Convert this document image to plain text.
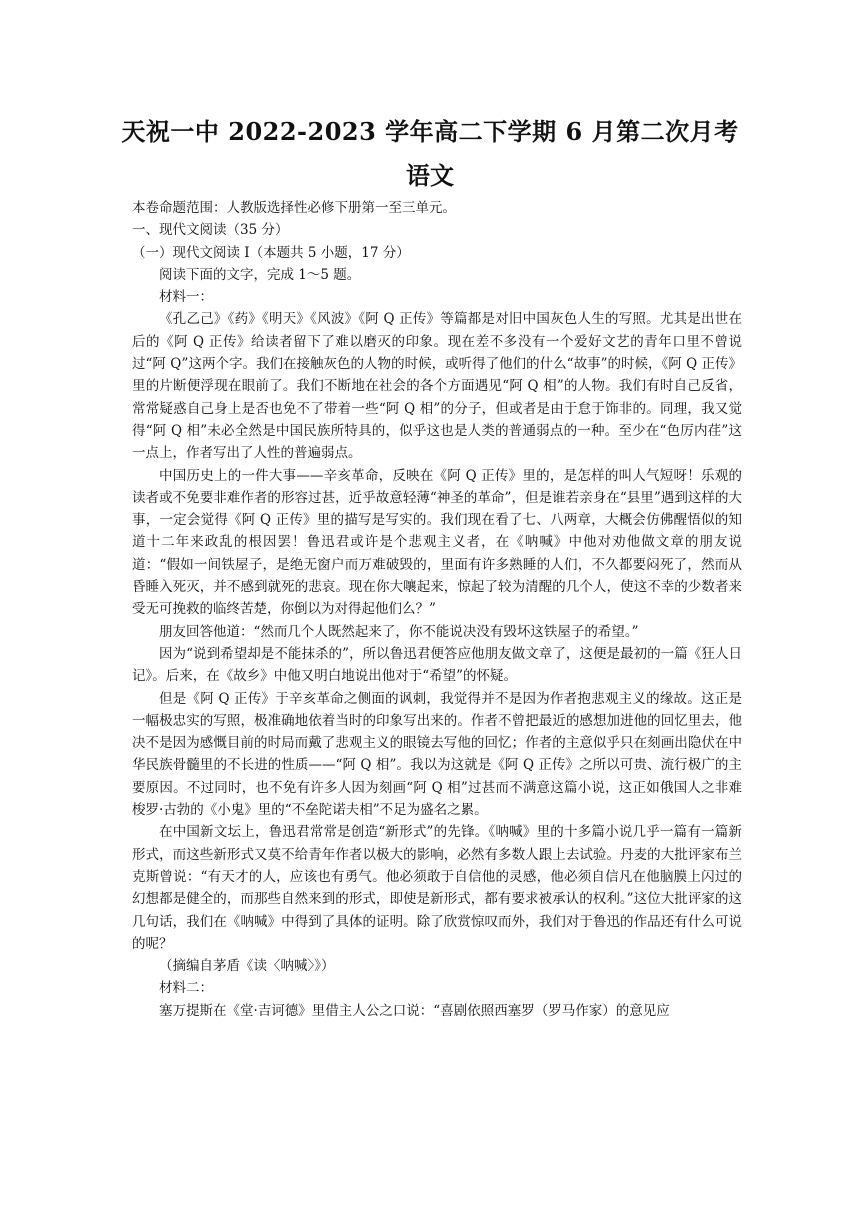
天祝一中 2022-2023 学年高二下学期 6 月第二次月考
语文

本卷命题范围：人教版选择性必修下册第一至三单元。

一、现代文阅读（35 分）

（一）现代文阅读 I（本题共 5 小题，17 分）

阅读下面的文字，完成 1～5 题。

材料一：

《孔乙己》《药》《明天》《风波》《阿 Q 正传》等篇都是对旧中国灰色人生的写照。尤其是出世在后的《阿 Q 正传》给读者留下了难以磨灭的印象。现在差不多没有一个爱好文艺的青年口里不曾说过“阿 Q”这两个字。我们在接触灰色的人物的时候，或听得了他们的什么“故事”的时候，《阿 Q 正传》里的片断便浮现在眼前了。我们不断地在社会的各个方面遇见“阿 Q 相”的人物。我们有时自己反省，常常疑惑自己身上是否也免不了带着一些“阿 Q 相”的分子，但或者是由于怠于饰非的。同理，我又觉得“阿 Q 相”未必全然是中国民族所特具的，似乎这也是人类的普通弱点的一种。至少在“色厉内荏”这一点上，作者写出了人性的普遍弱点。

中国历史上的一件大事——辛亥革命，反映在《阿 Q 正传》里的，是怎样的叫人气短呀！乐观的读者或不免要非难作者的形容过甚，近乎故意轻薄“神圣的革命”，但是谁若亲身在“县里”遇到这样的大事，一定会觉得《阿 Q 正传》里的描写是写实的。我们现在看了七、八两章，大概会仿佛醒悟似的知道十二年来政乱的根因罢！鲁迅君或许是个悲观主义者，在《呐喊》中他对劝他做文章的朋友说道：“假如一间铁屋子，是绝无窗户而万难破毁的，里面有许多熟睡的人们，不久都要闷死了，然而从昏睡入死灭，并不感到就死的悲哀。现在你大嚷起来，惊起了较为清醒的几个人，使这不幸的少数者来受无可挽救的临终苦楚，你倒以为对得起他们么？”

朋友回答他道：“然而几个人既然起来了，你不能说决没有毁坏这铁屋子的希望。”

因为“说到希望却是不能抹杀的”，所以鲁迅君便答应他朋友做文章了，这便是最初的一篇《狂人日记》。后来，在《故乡》中他又明白地说出他对于“希望”的怀疑。

但是《阿 Q 正传》于辛亥革命之侧面的讽刺，我觉得并不是因为作者抱悲观主义的缘故。这正是一幅极忠实的写照，极准确地依着当时的印象写出来的。作者不曾把最近的感想加进他的回忆里去，他决不是因为感慨目前的时局而戴了悲观主义的眼镜去写他的回忆；作者的主意似乎只在刻画出隐伏在中华民族骨髓里的不长进的性质——“阿 Q 相”。我以为这就是《阿 Q 正传》之所以可贵、流行极广的主要原因。不过同时，也不免有许多人因为刻画“阿 Q 相”过甚而不满意这篇小说，这正如俄国人之非难梭罗·古勃的《小鬼》里的“不垒陀诺夫相”不足为盛名之累。

在中国新文坛上，鲁迅君常常是创造“新形式”的先锋。《呐喊》里的十多篇小说几乎一篇有一篇新形式，而这些新形式又莫不给青年作者以极大的影响，必然有多数人跟上去试验。丹麦的大批评家布兰克斯曾说：“有天才的人，应该也有勇气。他必须敢于自信他的灵感，他必须自信凡在他脑膜上闪过的幻想都是健全的，而那些自然来到的形式，即使是新形式，都有要求被承认的权利。”这位大批评家的这几句话，我们在《呐喊》中得到了具体的证明。除了欣赏惊叹而外，我们对于鲁迅的作品还有什么可说的呢？

（摘编自茅盾《读〈呐喊〉》）

材料二：

塞万提斯在《堂·吉诃德》里借主人公之口说：“喜剧依照西塞罗（罗马作家）的意见应
